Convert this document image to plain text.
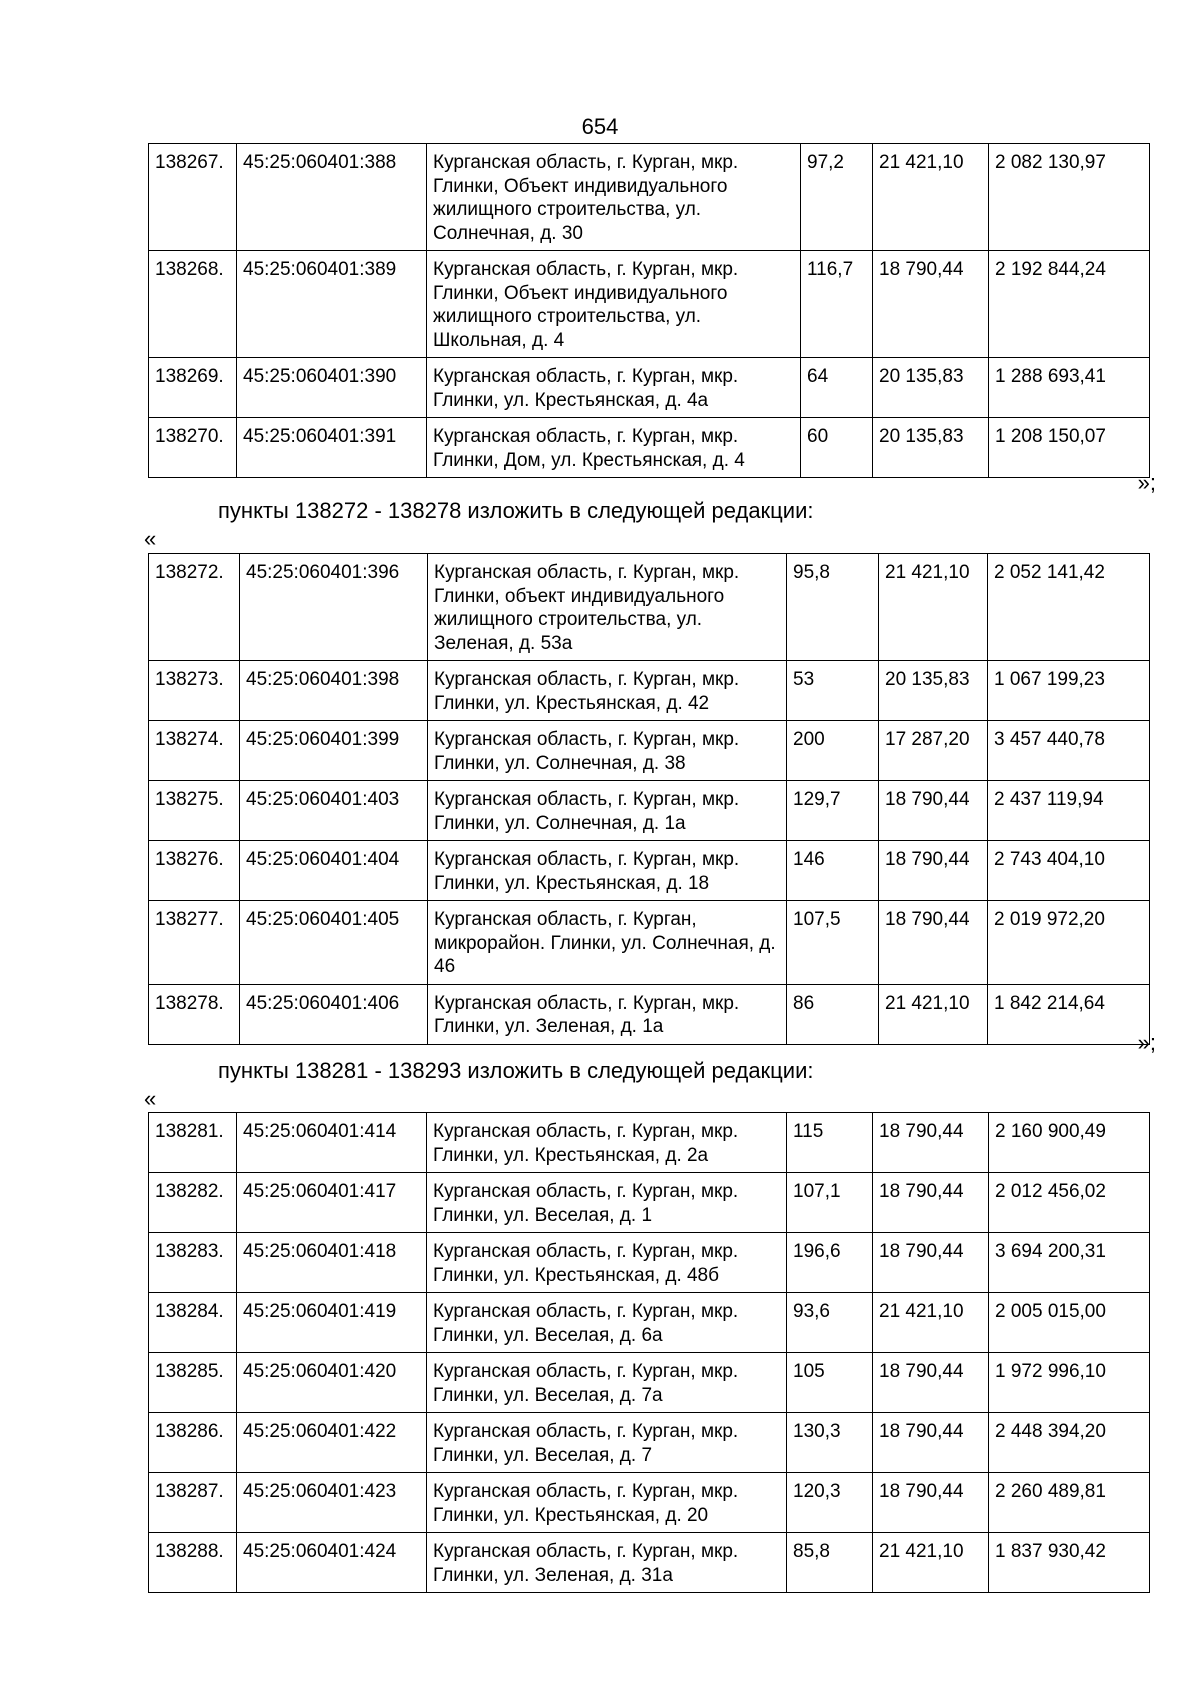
654
138267.	45:25:060401:388	Курганская область, г. Курган, мкр. Глинки, Объект индивидуального жилищного строительства, ул. Солнечная, д. 30	97,2	21 421,10	2 082 130,97
138268.	45:25:060401:389	Курганская область, г. Курган, мкр. Глинки, Объект индивидуального жилищного строительства, ул. Школьная, д. 4	116,7	18 790,44	2 192 844,24
138269.	45:25:060401:390	Курганская область, г. Курган, мкр. Глинки, ул. Крестьянская, д. 4а	64	20 135,83	1 288 693,41
138270.	45:25:060401:391	Курганская область, г. Курган, мкр. Глинки, Дом, ул. Крестьянская, д. 4	60	20 135,83	1 208 150,07
»;
пункты 138272 - 138278 изложить в следующей редакции:
«
138272.	45:25:060401:396	Курганская область, г. Курган, мкр. Глинки, объект индивидуального жилищного строительства, ул. Зеленая, д. 53а	95,8	21 421,10	2 052 141,42
138273.	45:25:060401:398	Курганская область, г. Курган, мкр. Глинки, ул. Крестьянская, д. 42	53	20 135,83	1 067 199,23
138274.	45:25:060401:399	Курганская область, г. Курган, мкр. Глинки, ул. Солнечная, д. 38	200	17 287,20	3 457 440,78
138275.	45:25:060401:403	Курганская область, г. Курган, мкр. Глинки, ул. Солнечная, д. 1а	129,7	18 790,44	2 437 119,94
138276.	45:25:060401:404	Курганская область, г. Курган, мкр. Глинки, ул. Крестьянская, д. 18	146	18 790,44	2 743 404,10
138277.	45:25:060401:405	Курганская область, г. Курган, микрорайон. Глинки, ул. Солнечная, д. 46	107,5	18 790,44	2 019 972,20
138278.	45:25:060401:406	Курганская область, г. Курган, мкр. Глинки, ул. Зеленая, д. 1а	86	21 421,10	1 842 214,64
»;
пункты 138281 - 138293 изложить в следующей редакции:
«
138281.	45:25:060401:414	Курганская область, г. Курган, мкр. Глинки, ул. Крестьянская, д. 2а	115	18 790,44	2 160 900,49
138282.	45:25:060401:417	Курганская область, г. Курган, мкр. Глинки, ул. Веселая, д. 1	107,1	18 790,44	2 012 456,02
138283.	45:25:060401:418	Курганская область, г. Курган, мкр. Глинки, ул. Крестьянская, д. 48б	196,6	18 790,44	3 694 200,31
138284.	45:25:060401:419	Курганская область, г. Курган, мкр. Глинки, ул. Веселая, д. 6а	93,6	21 421,10	2 005 015,00
138285.	45:25:060401:420	Курганская область, г. Курган, мкр. Глинки, ул. Веселая, д. 7а	105	18 790,44	1 972 996,10
138286.	45:25:060401:422	Курганская область, г. Курган, мкр. Глинки, ул. Веселая, д. 7	130,3	18 790,44	2 448 394,20
138287.	45:25:060401:423	Курганская область, г. Курган, мкр. Глинки, ул. Крестьянская, д. 20	120,3	18 790,44	2 260 489,81
138288.	45:25:060401:424	Курганская область, г. Курган, мкр. Глинки, ул. Зеленая, д. 31а	85,8	21 421,10	1 837 930,42
